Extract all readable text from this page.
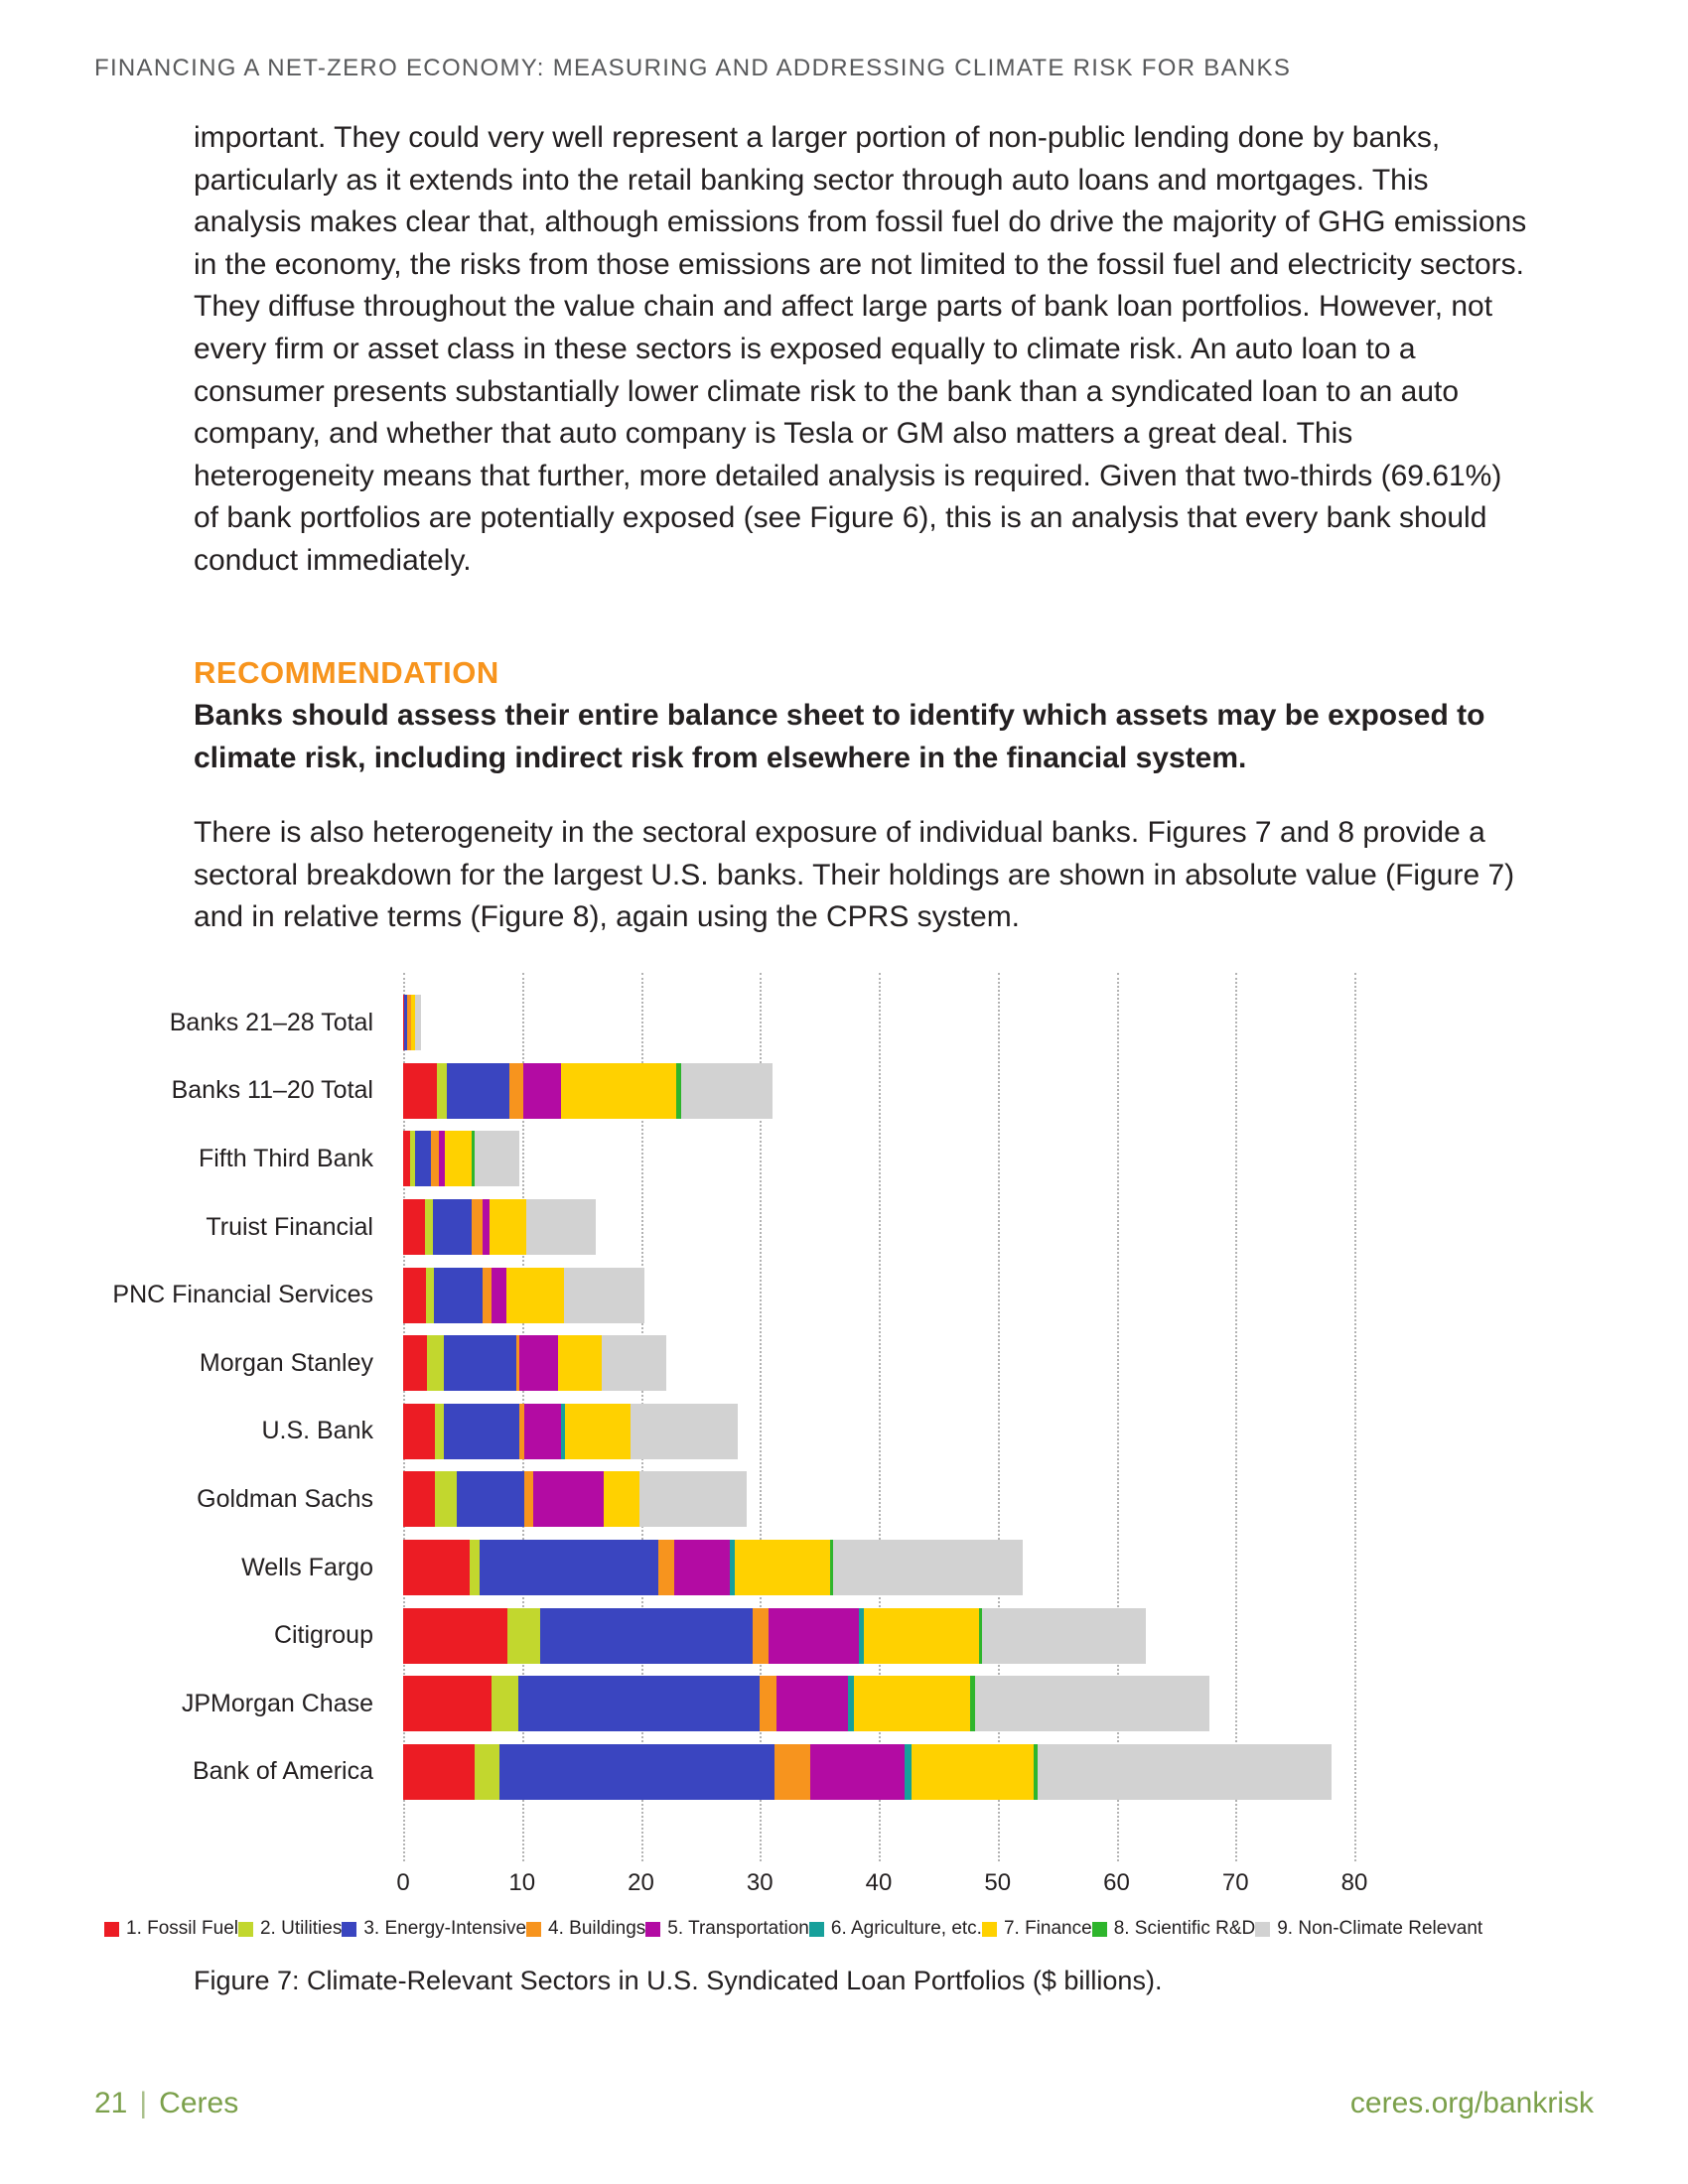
FINANCING A NET-ZERO ECONOMY: MEASURING AND ADDRESSING CLIMATE RISK FOR BANKS
important. They could very well represent a larger portion of non-public lending done by banks, particularly as it extends into the retail banking sector through auto loans and mortgages. This analysis makes clear that, although emissions from fossil fuel do drive the majority of GHG emissions in the economy, the risks from those emissions are not limited to the fossil fuel and electricity sectors. They diffuse throughout the value chain and affect large parts of bank loan portfolios. However, not every firm or asset class in these sectors is exposed equally to climate risk. An auto loan to a consumer presents substantially lower climate risk to the bank than a syndicated loan to an auto company, and whether that auto company is Tesla or GM also matters a great deal. This heterogeneity means that further, more detailed analysis is required. Given that two-thirds (69.61%) of bank portfolios are potentially exposed (see Figure 6), this is an analysis that every bank should conduct immediately.
RECOMMENDATION
Banks should assess their entire balance sheet to identify which assets may be exposed to climate risk, including indirect risk from elsewhere in the financial system.
There is also heterogeneity in the sectoral exposure of individual banks. Figures 7 and 8 provide a sectoral breakdown for the largest U.S. banks. Their holdings are shown in absolute value (Figure 7) and in relative terms (Figure 8), again using the CPRS system.
Banks 21–28 Total
Banks 11–20 Total
Fifth Third Bank
Truist Financial
PNC Financial Services
Morgan Stanley
U.S. Bank
Goldman Sachs
Wells Fargo
Citigroup
JPMorgan Chase
Bank of America
0	10	20	30	40	50	60	70	80
1. Fossil Fuel 2. Utilities 3. Energy-Intensive 4. Buildings 5. Transportation 6. Agriculture, etc. 7. Finance 8. Scientific R&D 9. Non-Climate Relevant
Figure 7: Climate-Relevant Sectors in U.S. Syndicated Loan Portfolios ($ billions).
21 | Ceres	ceres.org/bankrisk
